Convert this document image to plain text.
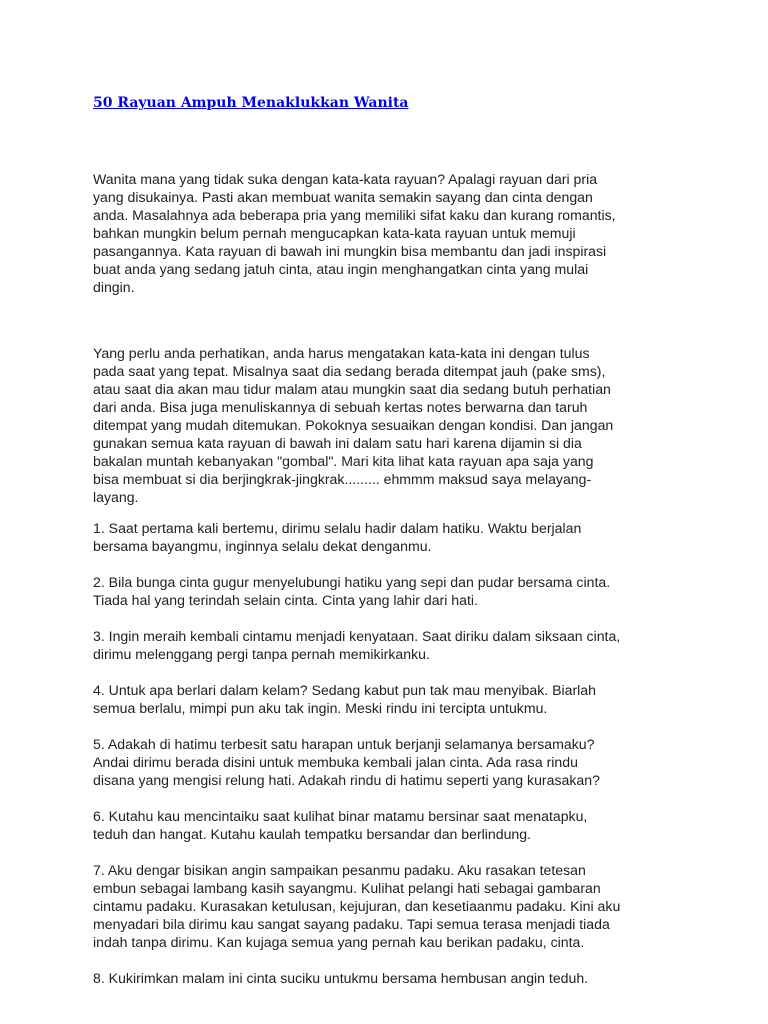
50 Rayuan Ampuh Menaklukkan Wanita

Wanita mana yang tidak suka dengan kata-kata rayuan? Apalagi rayuan dari pria
yang disukainya. Pasti akan membuat wanita semakin sayang dan cinta dengan
anda. Masalahnya ada beberapa pria yang memiliki sifat kaku dan kurang romantis,
bahkan mungkin belum pernah mengucapkan kata-kata rayuan untuk memuji
pasangannya. Kata rayuan di bawah ini mungkin bisa membantu dan jadi inspirasi
buat anda yang sedang jatuh cinta, atau ingin menghangatkan cinta yang mulai
dingin.

Yang perlu anda perhatikan, anda harus mengatakan kata-kata ini dengan tulus
pada saat yang tepat. Misalnya saat dia sedang berada ditempat jauh (pake sms),
atau saat dia akan mau tidur malam atau mungkin saat dia sedang butuh perhatian
dari anda. Bisa juga menuliskannya di sebuah kertas notes berwarna dan taruh
ditempat yang mudah ditemukan. Pokoknya sesuaikan dengan kondisi. Dan jangan
gunakan semua kata rayuan di bawah ini dalam satu hari karena dijamin si dia
bakalan muntah kebanyakan "gombal". Mari kita lihat kata rayuan apa saja yang
bisa membuat si dia berjingkrak-jingkrak......... ehmmm maksud saya melayang-
layang.

1. Saat pertama kali bertemu, dirimu selalu hadir dalam hatiku. Waktu berjalan
bersama bayangmu, inginnya selalu dekat denganmu.
2. Bila bunga cinta gugur menyelubungi hatiku yang sepi dan pudar bersama cinta.
Tiada hal yang terindah selain cinta. Cinta yang lahir dari hati.
3. Ingin meraih kembali cintamu menjadi kenyataan. Saat diriku dalam siksaan cinta,
dirimu melenggang pergi tanpa pernah memikirkanku.
4. Untuk apa berlari dalam kelam? Sedang kabut pun tak mau menyibak. Biarlah
semua berlalu, mimpi pun aku tak ingin. Meski rindu ini tercipta untukmu.
5. Adakah di hatimu terbesit satu harapan untuk berjanji selamanya bersamaku?
Andai dirimu berada disini untuk membuka kembali jalan cinta. Ada rasa rindu
disana yang mengisi relung hati. Adakah rindu di hatimu seperti yang kurasakan?
6. Kutahu kau mencintaiku saat kulihat binar matamu bersinar saat menatapku,
teduh dan hangat. Kutahu kaulah tempatku bersandar dan berlindung.
7. Aku dengar bisikan angin sampaikan pesanmu padaku. Aku rasakan tetesan
embun sebagai lambang kasih sayangmu. Kulihat pelangi hati sebagai gambaran
cintamu padaku. Kurasakan ketulusan, kejujuran, dan kesetiaanmu padaku. Kini aku
menyadari bila dirimu kau sangat sayang padaku. Tapi semua terasa menjadi tiada
indah tanpa dirimu. Kan kujaga semua yang pernah kau berikan padaku, cinta.
8. Kukirimkan malam ini cinta suciku untukmu bersama hembusan angin teduh.
